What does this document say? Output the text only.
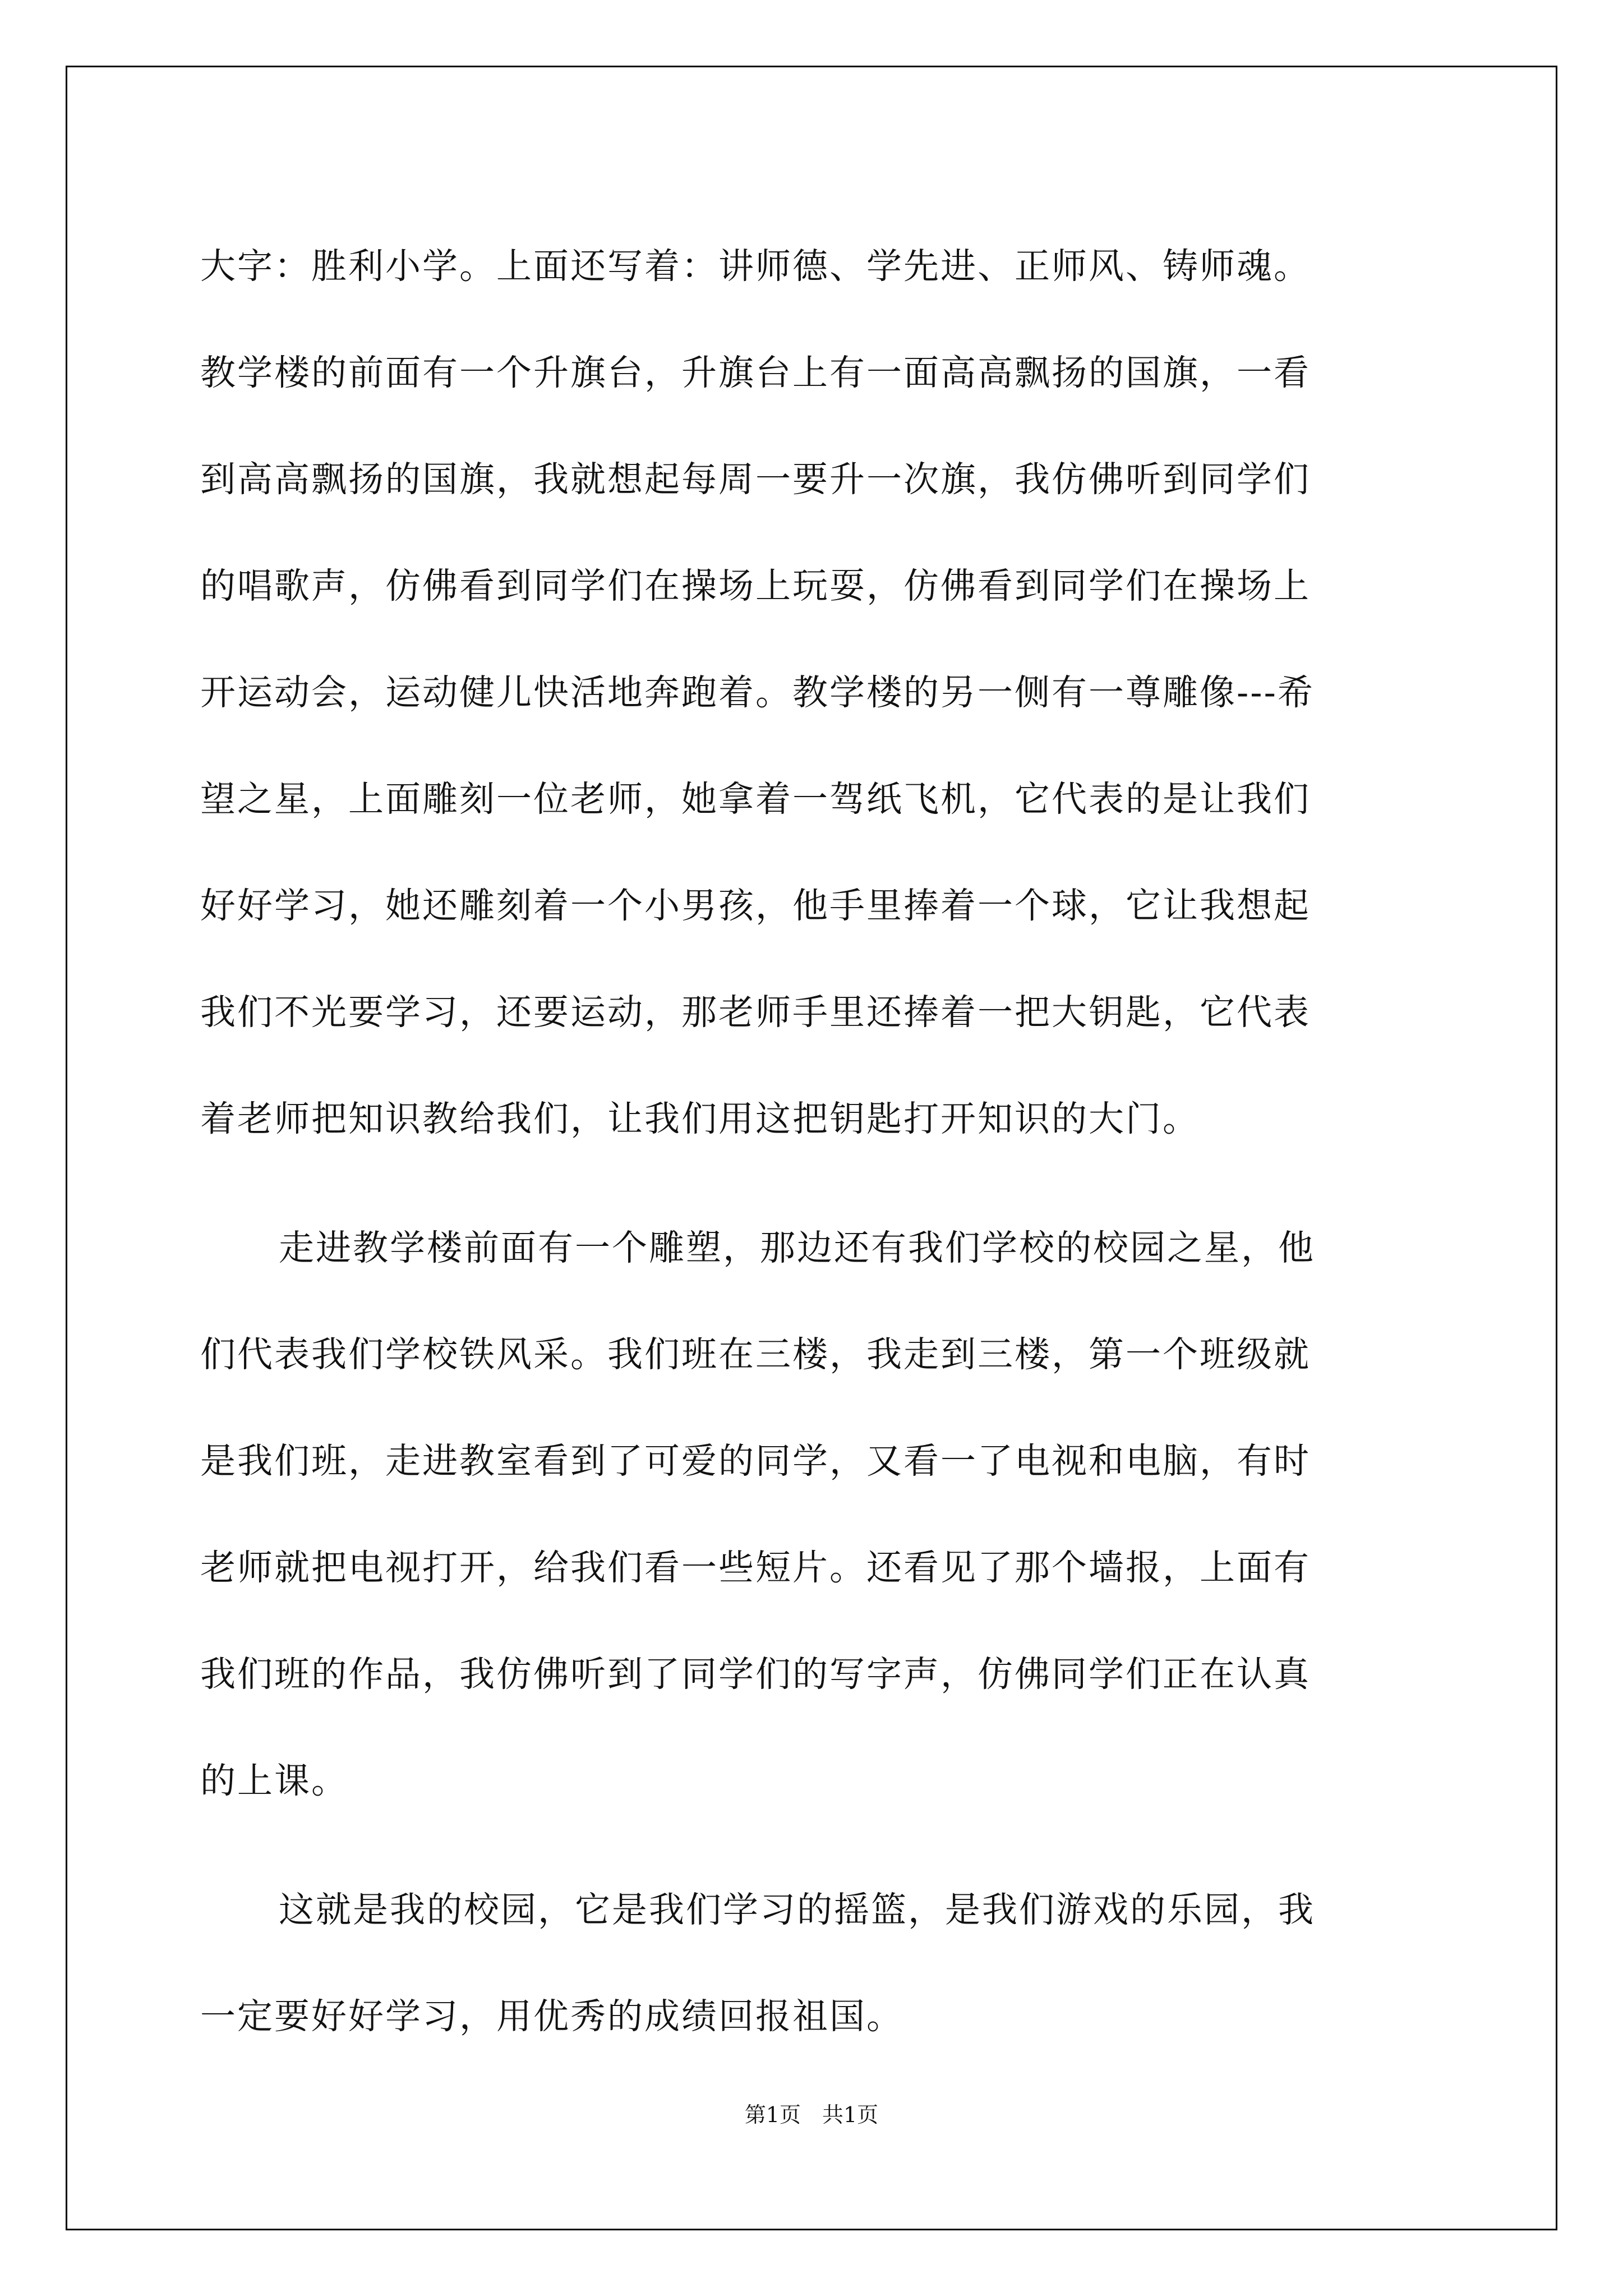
大字：胜利小学。上面还写着：讲师德、学先进、正师风、铸师魂。
教学楼的前面有一个升旗台，升旗台上有一面高高飘扬的国旗，一看
到高高飘扬的国旗，我就想起每周一要升一次旗，我仿佛听到同学们
的唱歌声，仿佛看到同学们在操场上玩耍，仿佛看到同学们在操场上
开运动会，运动健儿快活地奔跑着。教学楼的另一侧有一尊雕像---希
望之星，上面雕刻一位老师，她拿着一驾纸飞机，它代表的是让我们
好好学习，她还雕刻着一个小男孩，他手里捧着一个球，它让我想起
我们不光要学习，还要运动，那老师手里还捧着一把大钥匙，它代表
着老师把知识教给我们，让我们用这把钥匙打开知识的大门。
走进教学楼前面有一个雕塑，那边还有我们学校的校园之星，他
们代表我们学校铁风采。我们班在三楼，我走到三楼，第一个班级就
是我们班，走进教室看到了可爱的同学，又看一了电视和电脑，有时
老师就把电视打开，给我们看一些短片。还看见了那个墙报，上面有
我们班的作品，我仿佛听到了同学们的写字声，仿佛同学们正在认真
的上课。
这就是我的校园，它是我们学习的摇篮，是我们游戏的乐园，我
一定要好好学习，用优秀的成绩回报祖国。
第1页　共1页
